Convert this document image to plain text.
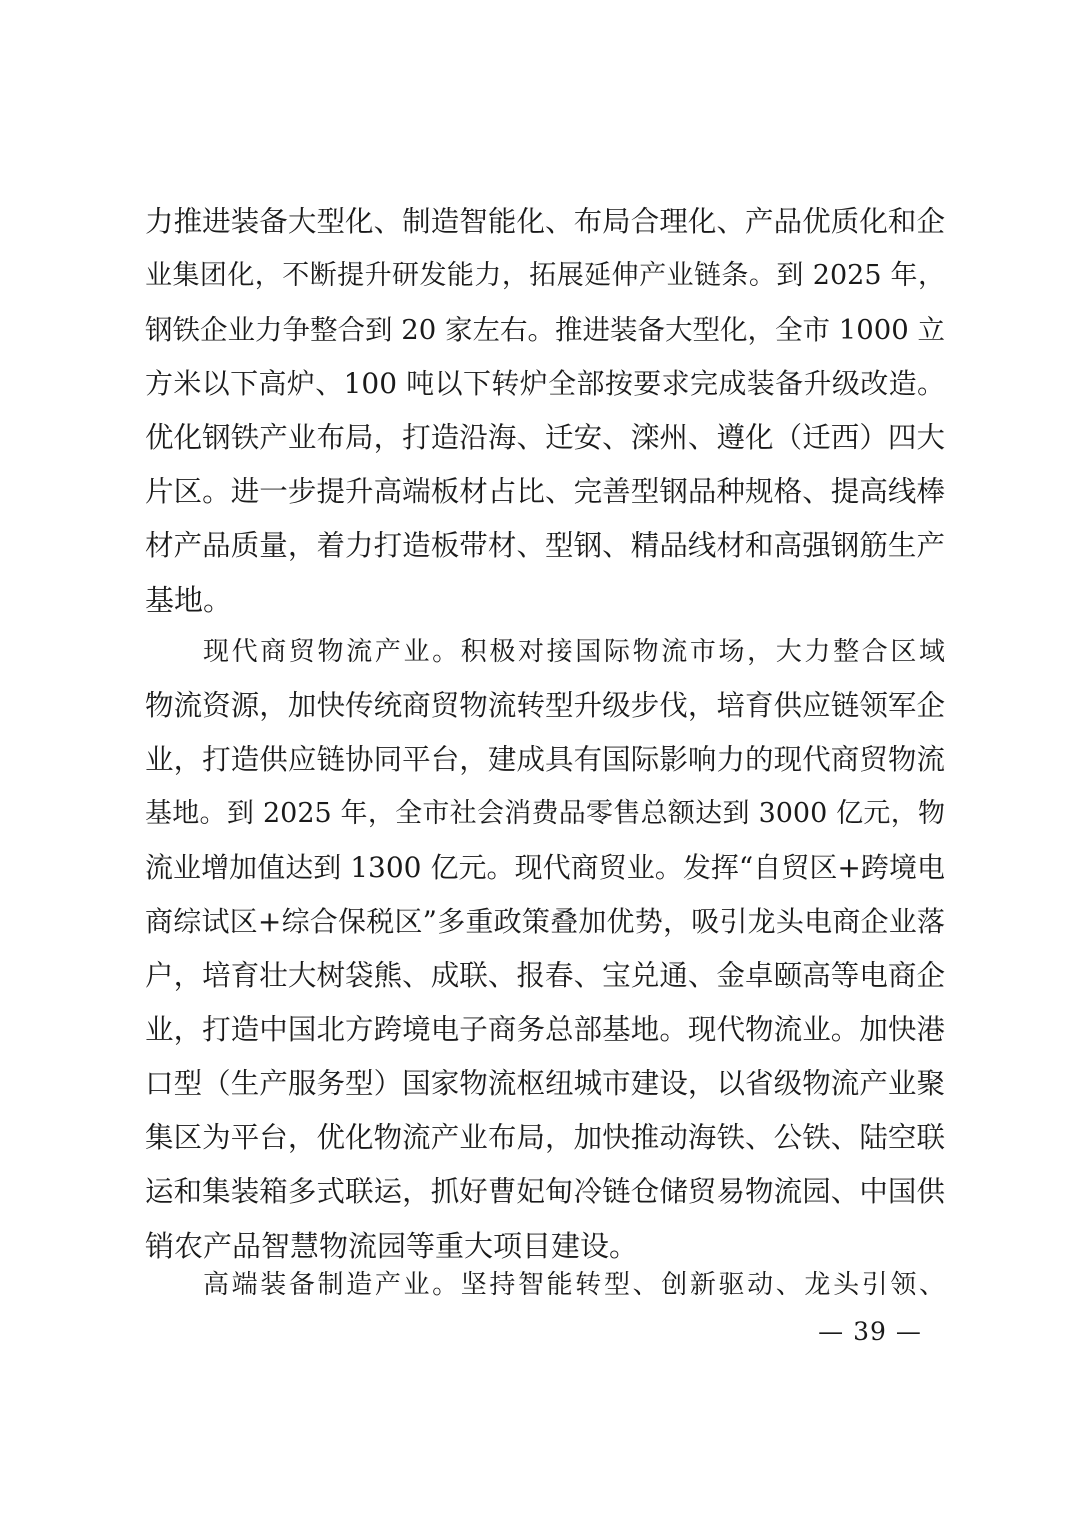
力推进装备大型化、制造智能化、布局合理化、产品优质化和企
业集团化，不断提升研发能力，拓展延伸产业链条。到 2025 年，
钢铁企业力争整合到 20 家左右。推进装备大型化，全市 1000 立
方米以下高炉、100 吨以下转炉全部按要求完成装备升级改造。
优化钢铁产业布局，打造沿海、迁安、滦州、遵化（迁西）四大
片区。进一步提升高端板材占比、完善型钢品种规格、提高线棒
材产品质量，着力打造板带材、型钢、精品线材和高强钢筋生产
基地。
现代商贸物流产业。积极对接国际物流市场，大力整合区域
物流资源，加快传统商贸物流转型升级步伐，培育供应链领军企
业，打造供应链协同平台，建成具有国际影响力的现代商贸物流
基地。到 2025 年，全市社会消费品零售总额达到 3000 亿元，物
流业增加值达到 1300 亿元。现代商贸业。发挥“自贸区+跨境电
商综试区+综合保税区”多重政策叠加优势，吸引龙头电商企业落
户，培育壮大树袋熊、成联、报春、宝兑通、金卓颐高等电商企
业，打造中国北方跨境电子商务总部基地。现代物流业。加快港
口型（生产服务型）国家物流枢纽城市建设，以省级物流产业聚
集区为平台，优化物流产业布局，加快推动海铁、公铁、陆空联
运和集装箱多式联运，抓好曹妃甸冷链仓储贸易物流园、中国供
销农产品智慧物流园等重大项目建设。
高端装备制造产业。坚持智能转型、创新驱动、龙头引领、
— 39 —
